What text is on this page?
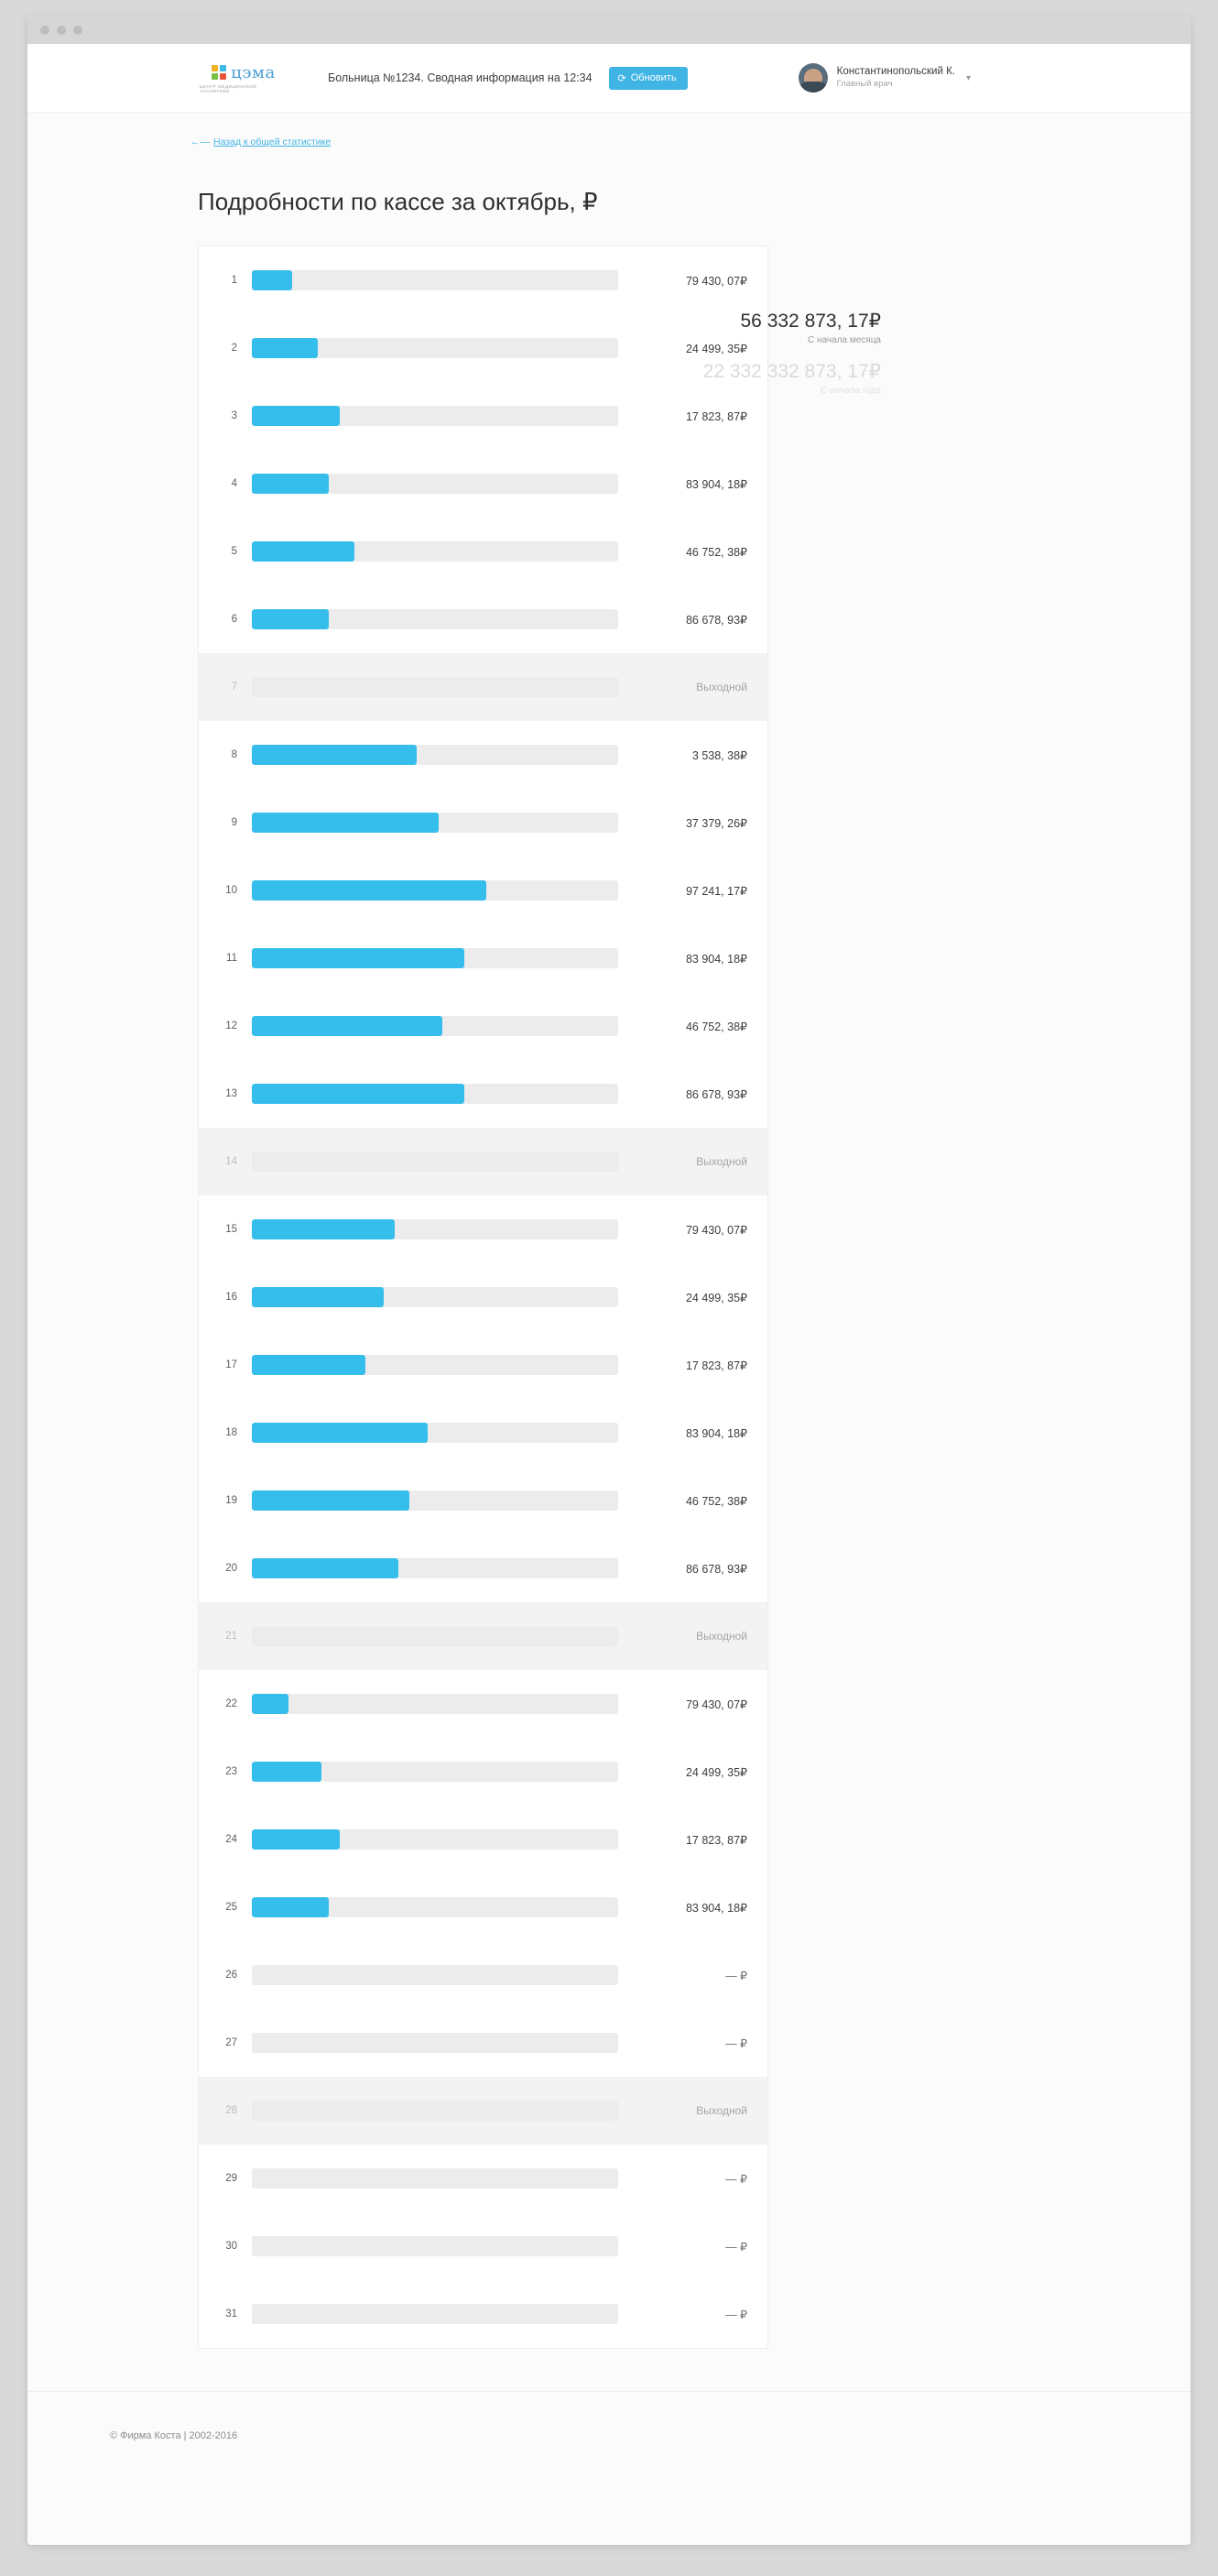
цэма
ЦЕНТР МЕДИЦИНСКОЙ АНАЛИТИКИ
Больница №1234. Сводная информация на 12:34	⟳ Обновить
Константинопольский К.
Главный врач
▾
←— Назад к общей статистике
Подробности по кассе за октябрь, ₽
56 332 873, 17₽
С начала месяца
22 332 332 873, 17₽
С начала года
1	79 430, 07₽
2	24 499, 35₽
3	17 823, 87₽
4	83 904, 18₽
5	46 752, 38₽
6	86 678, 93₽
7	Выходной
8	3 538, 38₽
9	37 379, 26₽
10	97 241, 17₽
11	83 904, 18₽
12	46 752, 38₽
13	86 678, 93₽
14	Выходной
15	79 430, 07₽
16	24 499, 35₽
17	17 823, 87₽
18	83 904, 18₽
19	46 752, 38₽
20	86 678, 93₽
21	Выходной
22	79 430, 07₽
23	24 499, 35₽
24	17 823, 87₽
25	83 904, 18₽
26	— ₽
27	— ₽
28	Выходной
29	— ₽
30	— ₽
31	— ₽
© Фирма Коста | 2002-2016
